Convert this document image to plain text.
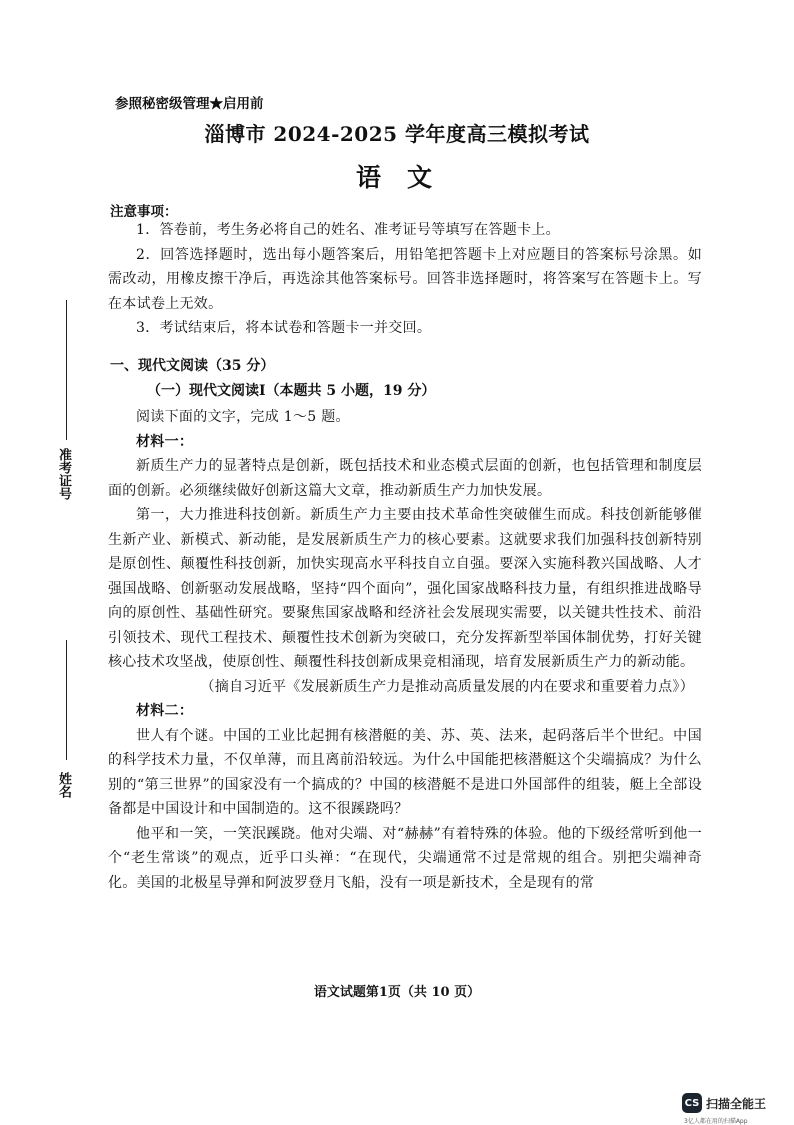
准考证号
姓名
参照秘密级管理★启用前
淄博市 2024-2025 学年度高三模拟考试
语文
注意事项：

1．答卷前，考生务必将自己的姓名、准考证号等填写在答题卡上。

2．回答选择题时，选出每小题答案后，用铅笔把答题卡上对应题目的答案标号涂黑。如需改动，用橡皮擦干净后，再选涂其他答案标号。回答非选择题时，将答案写在答题卡上。写在本试卷上无效。

3．考试结束后，将本试卷和答题卡一并交回。

一、现代文阅读（35 分）
（一）现代文阅读Ⅰ（本题共 5 小题，19 分）

阅读下面的文字，完成 1～5 题。

材料一：

新质生产力的显著特点是创新，既包括技术和业态模式层面的创新，也包括管理和制度层面的创新。必须继续做好创新这篇大文章，推动新质生产力加快发展。

第一，大力推进科技创新。新质生产力主要由技术革命性突破催生而成。科技创新能够催生新产业、新模式、新动能，是发展新质生产力的核心要素。这就要求我们加强科技创新特别是原创性、颠覆性科技创新，加快实现高水平科技自立自强。要深入实施科教兴国战略、人才强国战略、创新驱动发展战略，坚持“四个面向”，强化国家战略科技力量，有组织推进战略导向的原创性、基础性研究。要聚焦国家战略和经济社会发展现实需要，以关键共性技术、前沿引领技术、现代工程技术、颠覆性技术创新为突破口，充分发挥新型举国体制优势，打好关键核心技术攻坚战，使原创性、颠覆性科技创新成果竞相涌现，培育发展新质生产力的新动能。

（摘自习近平《发展新质生产力是推动高质量发展的内在要求和重要着力点》）

材料二：

世人有个谜。中国的工业比起拥有核潜艇的美、苏、英、法来，起码落后半个世纪。中国的科学技术力量，不仅单薄，而且离前沿较远。为什么中国能把核潜艇这个尖端搞成？为什么别的“第三世界”的国家没有一个搞成的？中国的核潜艇不是进口外国部件的组装，艇上全部设备都是中国设计和中国制造的。这不很蹊跷吗？

他平和一笑，一笑泯蹊跷。他对尖端、对“赫赫”有着特殊的体验。他的下级经常听到他一个“老生常谈”的观点，近乎口头禅：“在现代，尖端通常不过是常规的组合。别把尖端神奇化。美国的北极星导弹和阿波罗登月飞船，没有一项是新技术，全是现有的常

语文试题第1页（共 10 页）
CS 扫描全能王
3亿人都在用的扫描App
